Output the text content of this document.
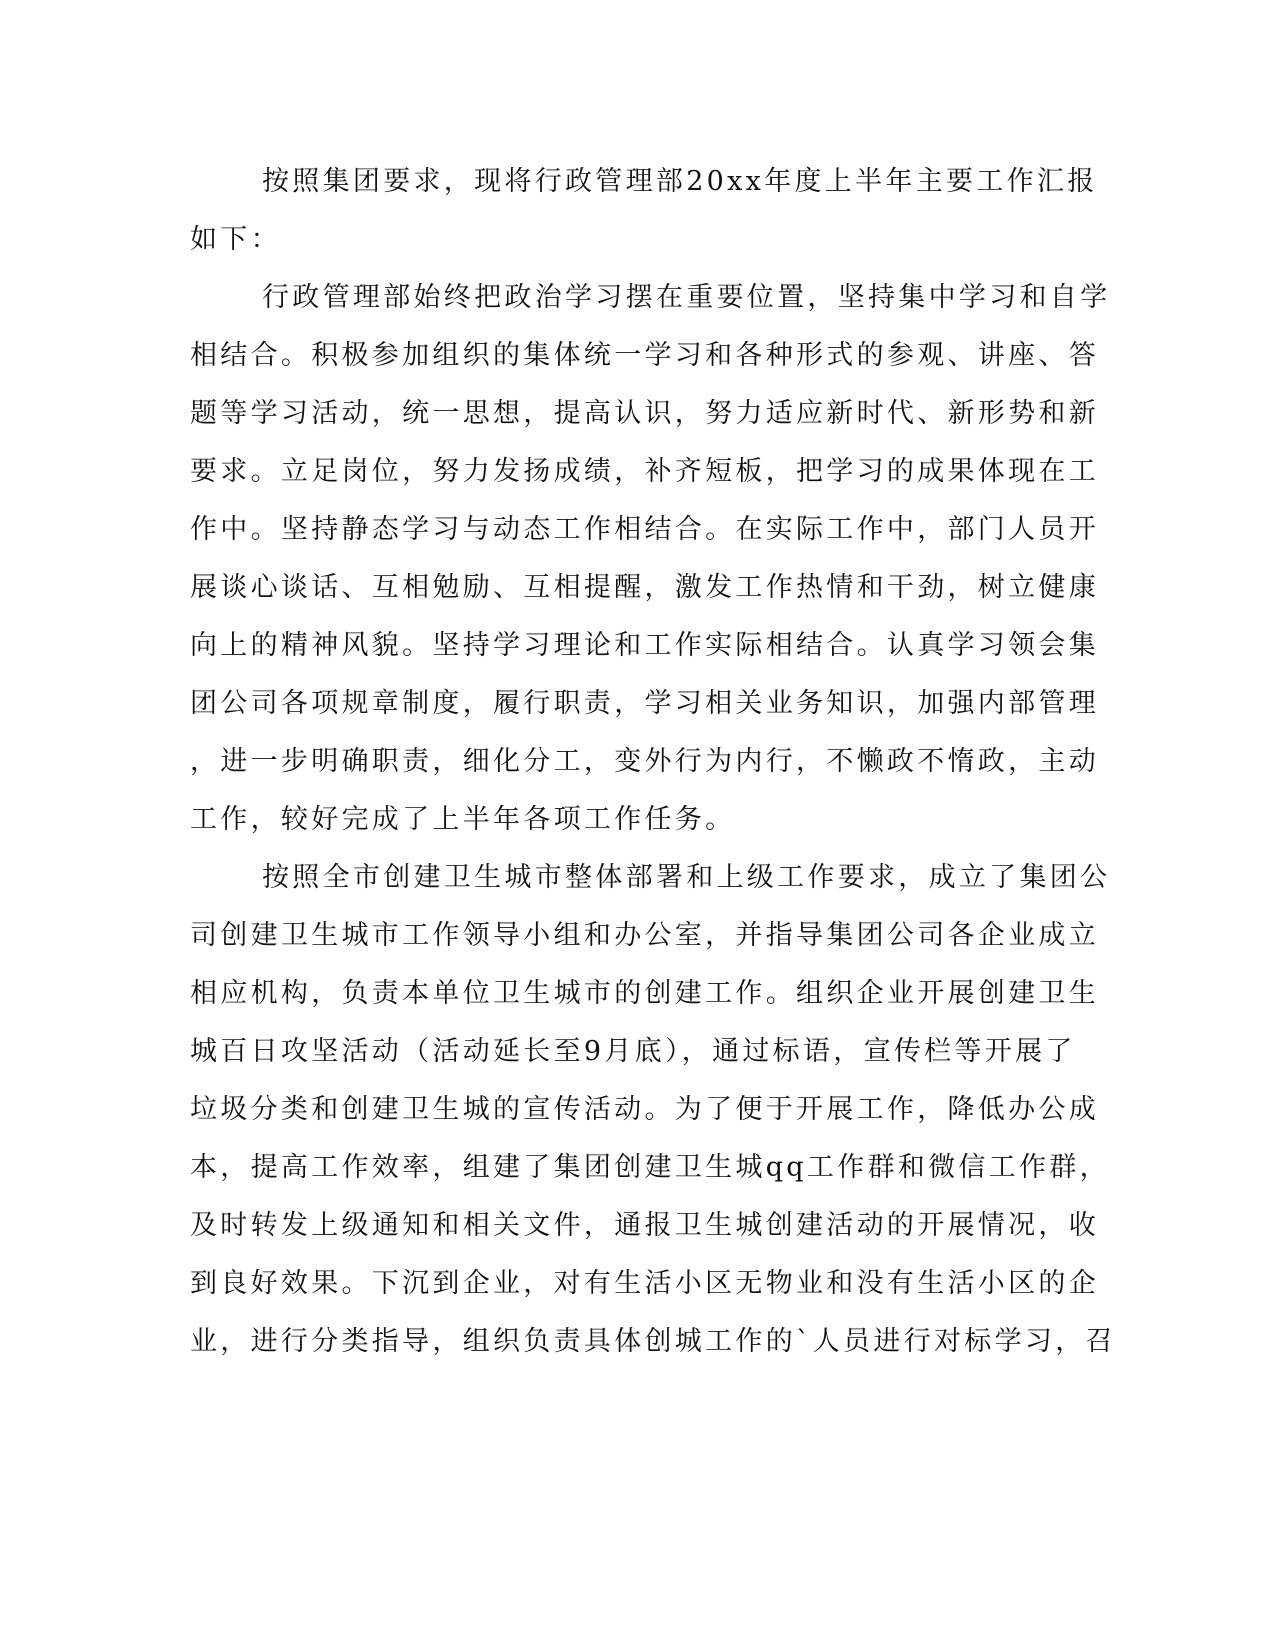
按照集团要求，现将行政管理部20xx年度上半年主要工作汇报
如下：
行政管理部始终把政治学习摆在重要位置，坚持集中学习和自学
相结合。积极参加组织的集体统一学习和各种形式的参观、讲座、答
题等学习活动，统一思想，提高认识，努力适应新时代、新形势和新
要求。立足岗位，努力发扬成绩，补齐短板，把学习的成果体现在工
作中。坚持静态学习与动态工作相结合。在实际工作中，部门人员开
展谈心谈话、互相勉励、互相提醒，激发工作热情和干劲，树立健康
向上的精神风貌。坚持学习理论和工作实际相结合。认真学习领会集
团公司各项规章制度，履行职责，学习相关业务知识，加强内部管理
，进一步明确职责，细化分工，变外行为内行，不懒政不惰政，主动
工作，较好完成了上半年各项工作任务。
按照全市创建卫生城市整体部署和上级工作要求，成立了集团公
司创建卫生城市工作领导小组和办公室，并指导集团公司各企业成立
相应机构，负责本单位卫生城市的创建工作。组织企业开展创建卫生
城百日攻坚活动（活动延长至9月底），通过标语，宣传栏等开展了
垃圾分类和创建卫生城的宣传活动。为了便于开展工作，降低办公成
本，提高工作效率，组建了集团创建卫生城qq工作群和微信工作群，
及时转发上级通知和相关文件，通报卫生城创建活动的开展情况，收
到良好效果。下沉到企业，对有生活小区无物业和没有生活小区的企
业，进行分类指导，组织负责具体创城工作的`人员进行对标学习，召
